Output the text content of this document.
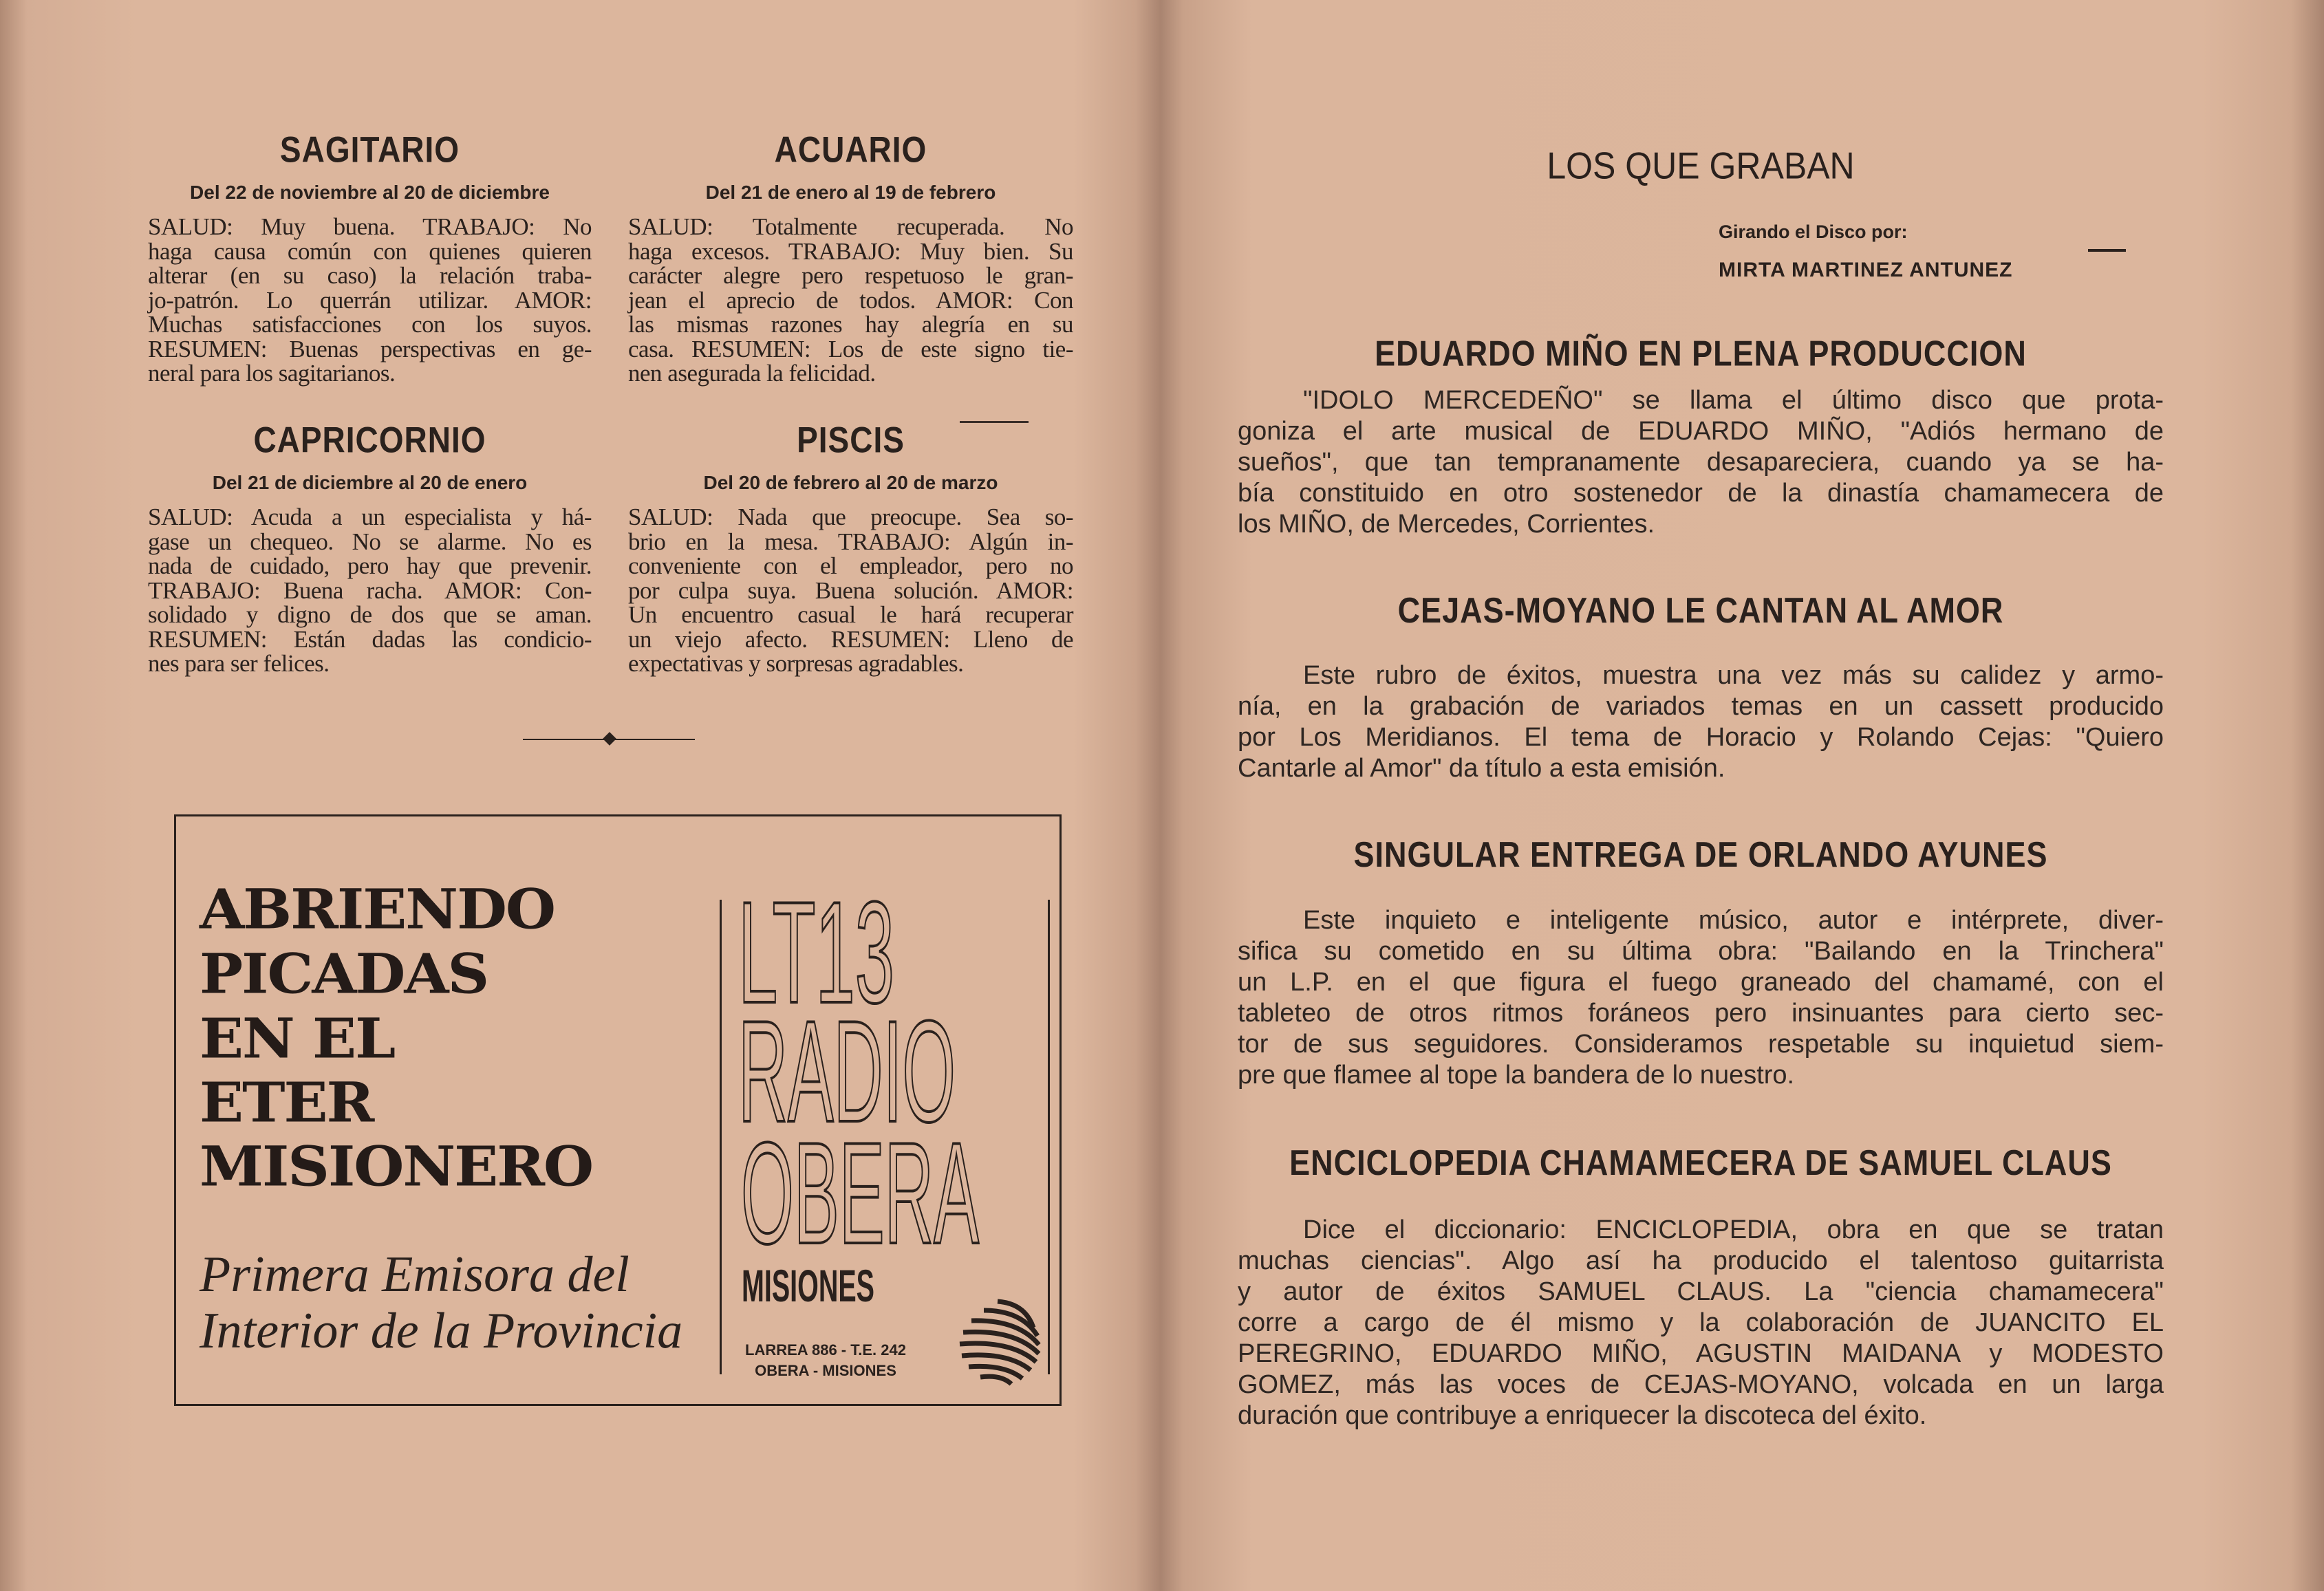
SAGITARIO
Del 22 de noviembre al 20 de diciembre
SALUD: Muy buena. TRABAJO: No
haga causa común con quienes quieren
alterar (en su caso) la relación traba-
jo-patrón. Lo querrán utilizar. AMOR:
Muchas satisfacciones con los suyos.
RESUMEN: Buenas perspectivas en ge-
neral para los sagitarianos.
ACUARIO
Del 21 de enero al 19 de febrero
SALUD: Totalmente recuperada. No
haga excesos. TRABAJO: Muy bien. Su
carácter alegre pero respetuoso le gran-
jean el aprecio de todos. AMOR: Con
las mismas razones hay alegría en su
casa. RESUMEN: Los de este signo tie-
nen asegurada la felicidad.
CAPRICORNIO
Del 21 de diciembre al 20 de enero
SALUD: Acuda a un especialista y há-
gase un chequeo. No se alarme. No es
nada de cuidado, pero hay que prevenir.
TRABAJO: Buena racha. AMOR: Con-
solidado y digno de dos que se aman.
RESUMEN: Están dadas las condicio-
nes para ser felices.
PISCIS
Del 20 de febrero al 20 de marzo
SALUD: Nada que preocupe. Sea so-
brio en la mesa. TRABAJO: Algún in-
conveniente con el empleador, pero no
por culpa suya. Buena solución. AMOR:
Un encuentro casual le hará recuperar
un viejo afecto. RESUMEN: Lleno de
expectativas y sorpresas agradables.
ABRIENDO
PICADAS
EN EL
ETER
MISIONERO
Primera Emisora del
Interior de la Provincia
LT13
RADIO
OBERA
MISIONES
LARREA 886 - T.E. 242
OBERA - MISIONES
LOS QUE GRABAN
Girando el Disco por:
MIRTA MARTINEZ ANTUNEZ
EDUARDO MIÑO EN PLENA PRODUCCION
"IDOLO MERCEDEÑO" se llama el último disco que prota-
goniza el arte musical de EDUARDO MIÑO, "Adiós hermano de
sueños", que tan tempranamente desapareciera, cuando ya se ha-
bía constituido en otro sostenedor de la dinastía chamamecera de
los MIÑO, de Mercedes, Corrientes.
CEJAS-MOYANO LE CANTAN AL AMOR
Este rubro de éxitos, muestra una vez más su calidez y armo-
nía, en la grabación de variados temas en un cassett producido
por Los Meridianos. El tema de Horacio y Rolando Cejas: "Quiero
Cantarle al Amor" da título a esta emisión.
SINGULAR ENTREGA DE ORLANDO AYUNES
Este inquieto e inteligente músico, autor e intérprete, diver-
sifica su cometido en su última obra: "Bailando en la Trinchera"
un L.P. en el que figura el fuego graneado del chamamé, con el
tableteo de otros ritmos foráneos pero insinuantes para cierto sec-
tor de sus seguidores. Consideramos respetable su inquietud siem-
pre que flamee al tope la bandera de lo nuestro.
ENCICLOPEDIA CHAMAMECERA DE SAMUEL CLAUS
Dice el diccionario: ENCICLOPEDIA, obra en que se tratan
muchas ciencias". Algo así ha producido el talentoso guitarrista
y autor de éxitos SAMUEL CLAUS. La "ciencia chamamecera"
corre a cargo de él mismo y la colaboración de JUANCITO EL
PEREGRINO, EDUARDO MIÑO, AGUSTIN MAIDANA y MODESTO
GOMEZ, más las voces de CEJAS-MOYANO, volcada en un larga
duración que contribuye a enriquecer la discoteca del éxito.
